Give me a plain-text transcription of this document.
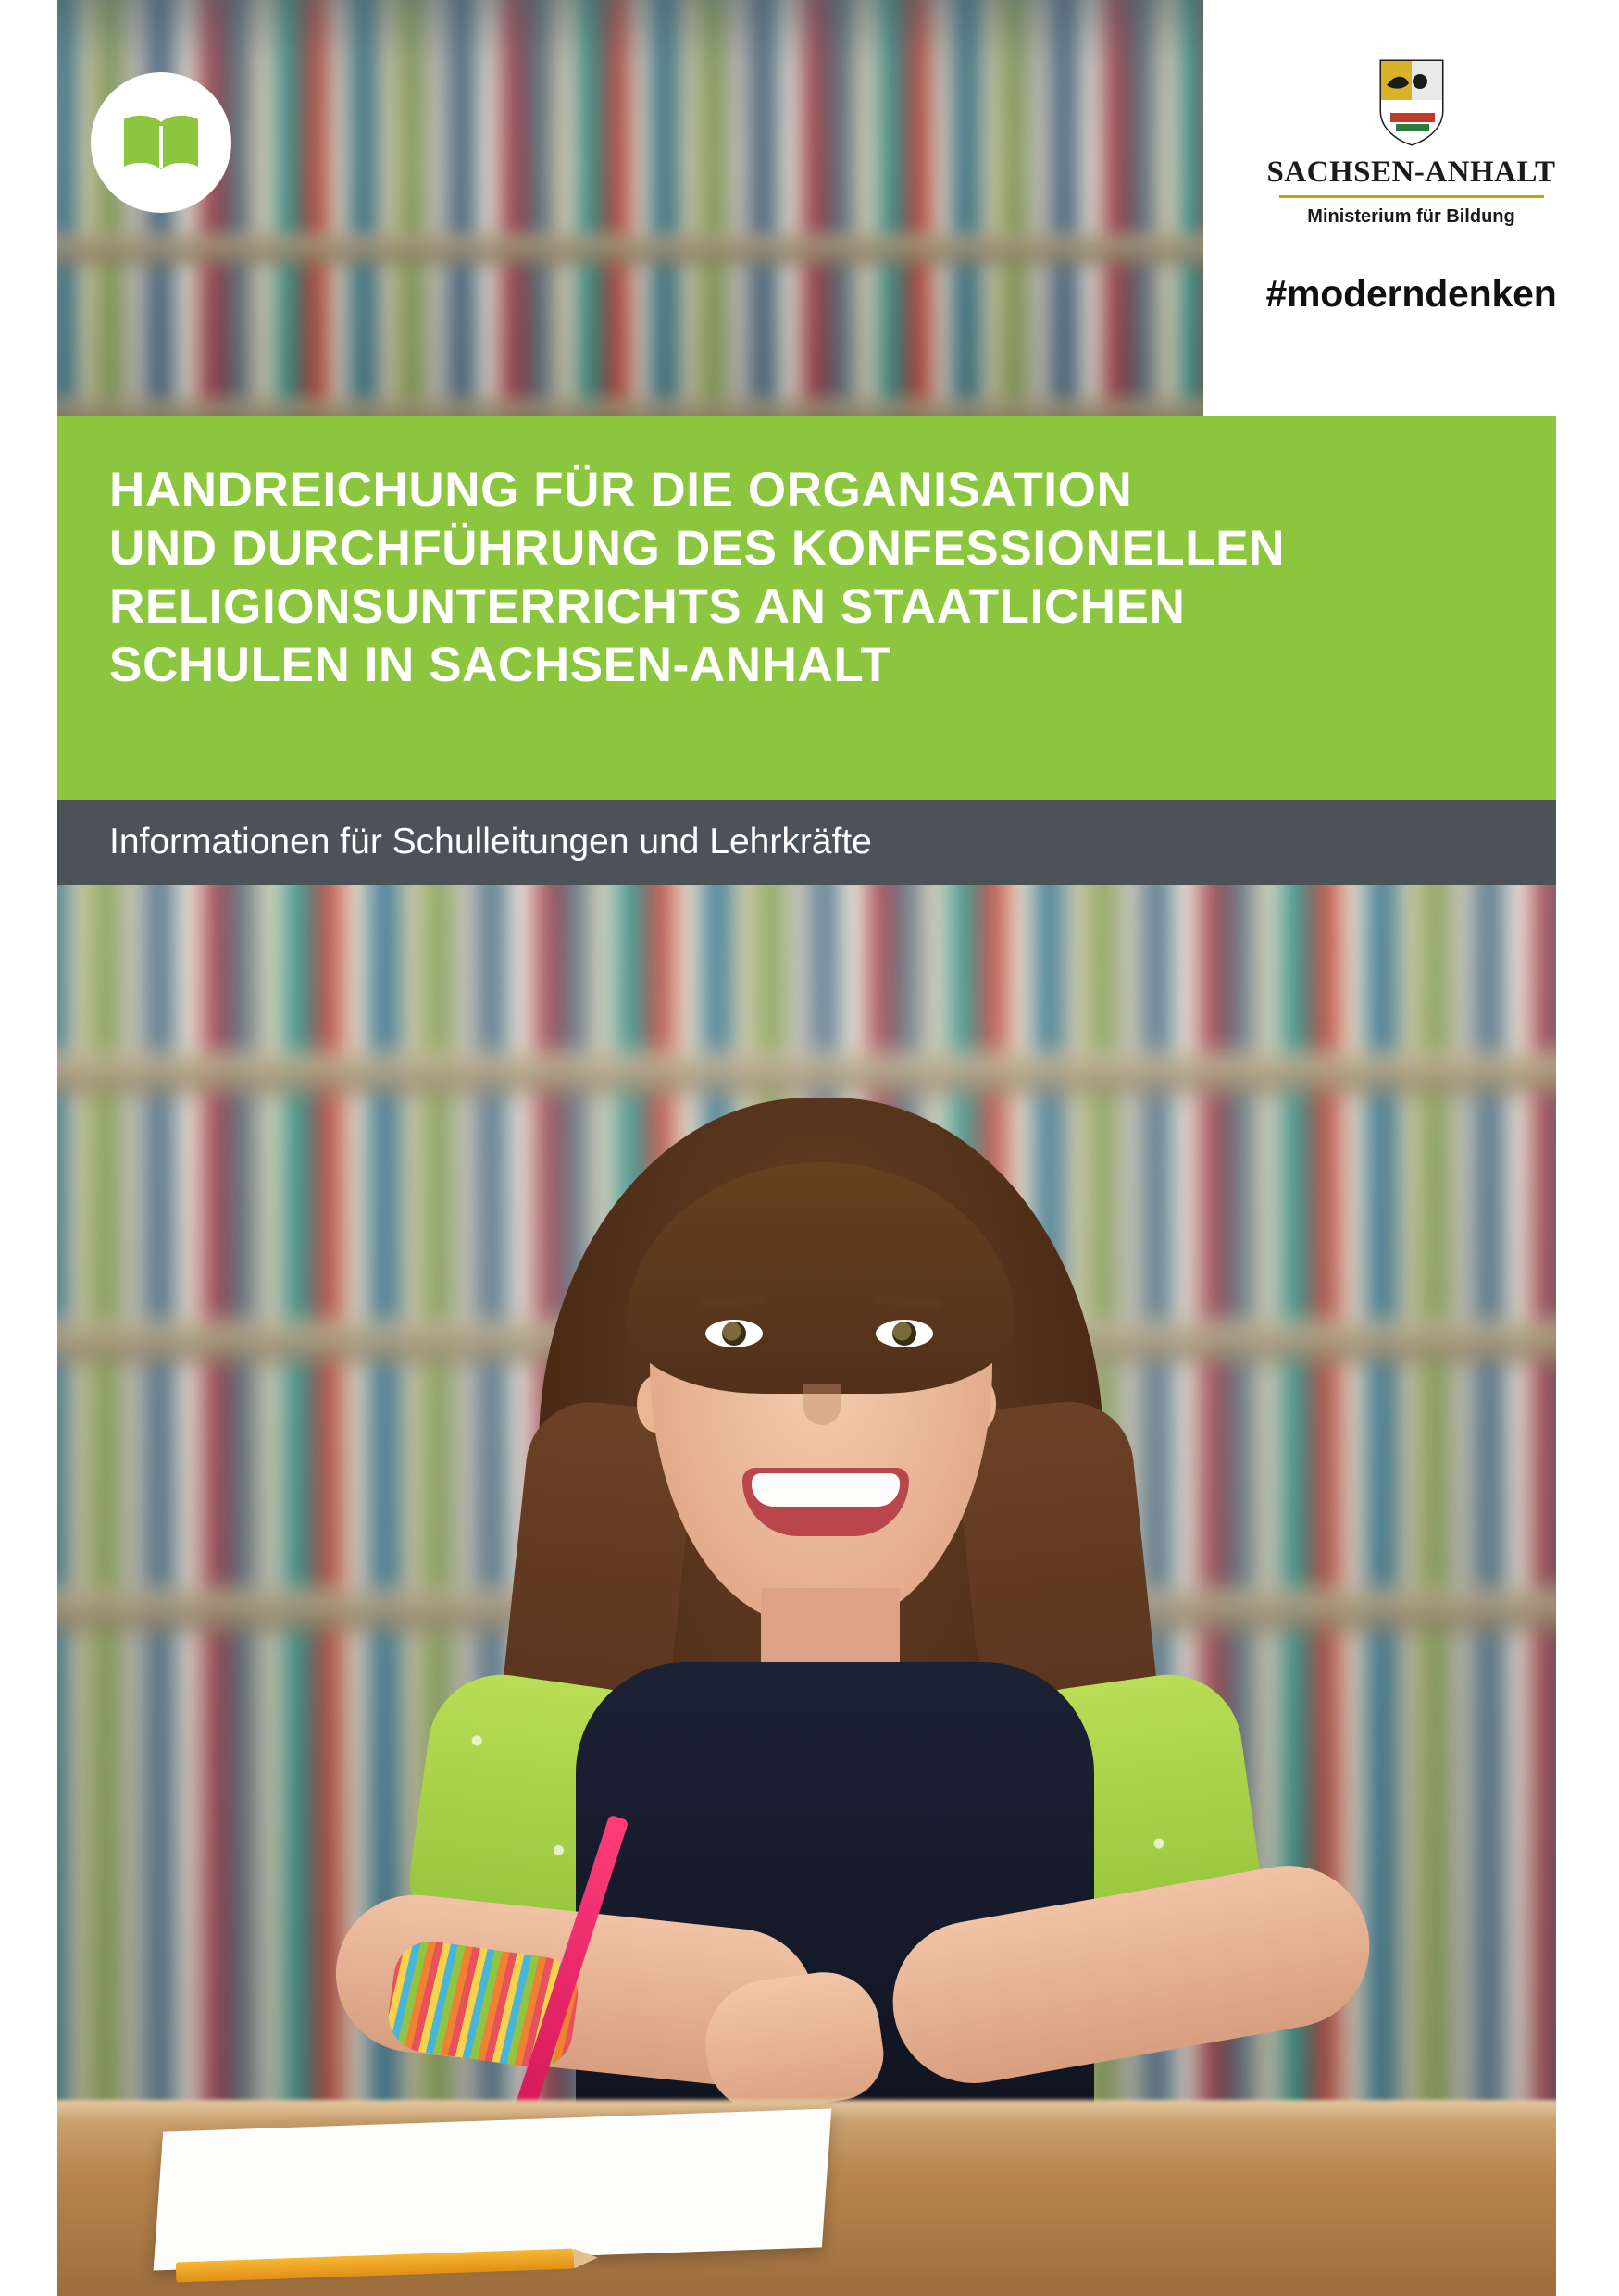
SACHSEN-ANHALT
Ministerium für Bildung
#moderndenken
HANDREICHUNG FÜR DIE ORGANISATION
UND DURCHFÜHRUNG DES KONFESSIONELLEN
RELIGIONSUNTERRICHTS AN STAATLICHEN
SCHULEN IN SACHSEN-ANHALT

Informationen für Schulleitungen und Lehrkräfte
